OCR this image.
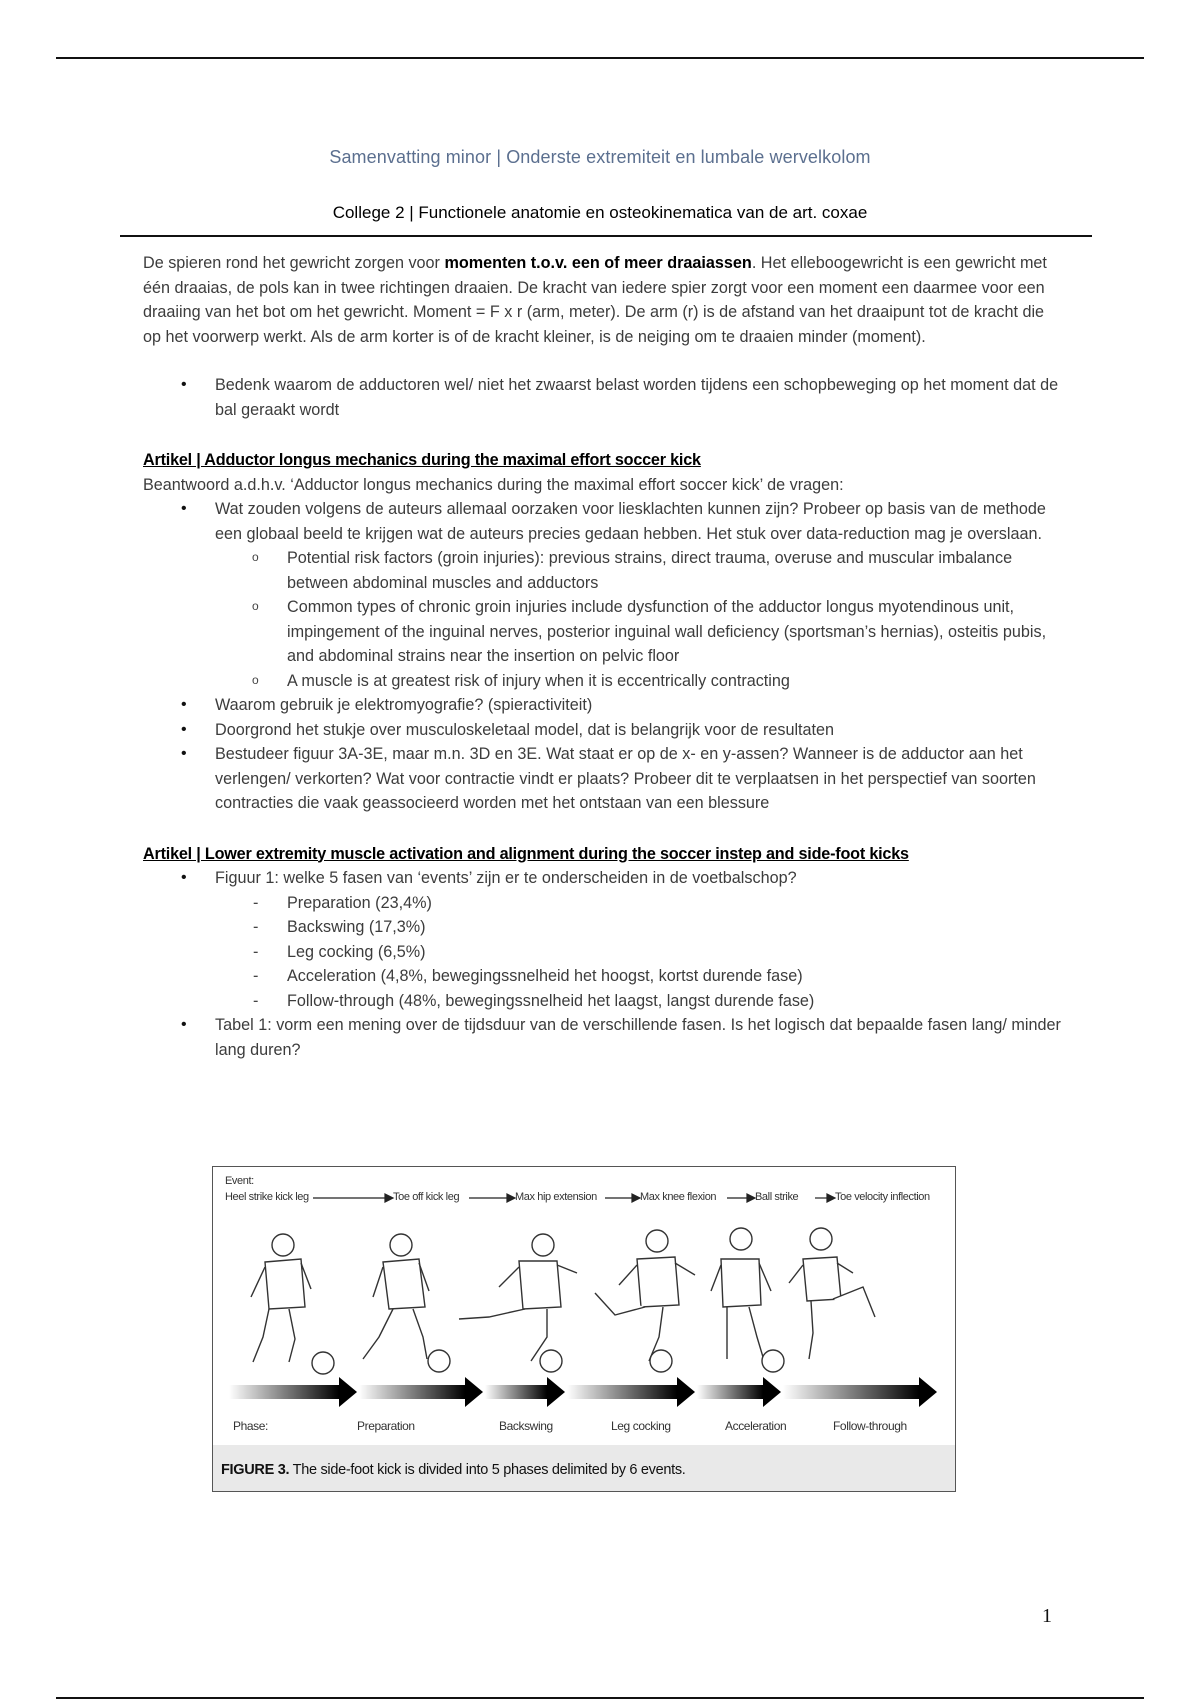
Samenvatting minor | Onderste extremiteit en lumbale wervelkolom
College 2 | Functionele anatomie en osteokinematica van de art. coxae

De spieren rond het gewricht zorgen voor momenten t.o.v. een of meer draaiassen. Het elleboogewricht is een gewricht met één draaias, de pols kan in twee richtingen draaien. De kracht van iedere spier zorgt voor een moment een daarmee voor een draaiing van het bot om het gewricht. Moment = F x r (arm, meter). De arm (r) is de afstand van het draaipunt tot de kracht die op het voorwerp werkt. Als de arm korter is of de kracht kleiner, is de neiging om te draaien minder (moment).

• Bedenk waarom de adductoren wel/ niet het zwaarst belast worden tijdens een schopbeweging op het moment dat de bal geraakt wordt
Artikel | Adductor longus mechanics during the maximal effort soccer kick
Beantwoord a.d.h.v. ‘Adductor longus mechanics during the maximal effort soccer kick’ de vragen:
• Wat zouden volgens de auteurs allemaal oorzaken voor liesklachten kunnen zijn? Probeer op basis van de methode een globaal beeld te krijgen wat de auteurs precies gedaan hebben. Het stuk over data-reduction mag je overslaan.
o Potential risk factors (groin injuries): previous strains, direct trauma, overuse and muscular imbalance between abdominal muscles and adductors
o Common types of chronic groin injuries include dysfunction of the adductor longus myotendinous unit, impingement of the inguinal nerves, posterior inguinal wall deficiency (sportsman’s hernias), osteitis pubis, and abdominal strains near the insertion on pelvic floor
o A muscle is at greatest risk of injury when it is eccentrically contracting
• Waarom gebruik je elektromyografie? (spieractiviteit)
• Doorgrond het stukje over musculoskeletaal model, dat is belangrijk voor de resultaten
• Bestudeer figuur 3A-3E, maar m.n. 3D en 3E. Wat staat er op de x- en y-assen? Wanneer is de adductor aan het verlengen/ verkorten? Wat voor contractie vindt er plaats? Probeer dit te verplaatsen in het perspectief van soorten contracties die vaak geassocieerd worden met het ontstaan van een blessure
Artikel | Lower extremity muscle activation and alignment during the soccer instep and side-foot kicks
• Figuur 1: welke 5 fasen van ‘events’ zijn er te onderscheiden in de voetbalschop?
- Preparation (23,4%)
- Backswing (17,3%)
- Leg cocking (6,5%)
- Acceleration (4,8%, bewegingssnelheid het hoogst, kortst durende fase)
- Follow-through (48%, bewegingssnelheid het laagst, langst durende fase)
• Tabel 1: vorm een mening over de tijdsduur van de verschillende fasen. Is het logisch dat bepaalde fasen lang/ minder lang duren?
Event:
Heel strike kick leg	Toe off kick leg	Max hip extension	Max knee flexion	Ball strike	Toe velocity inflection
Phase:	Preparation	Backswing	Leg cocking	Acceleration	Follow-through
FIGURE 3. The side-foot kick is divided into 5 phases delimited by 6 events.
1
